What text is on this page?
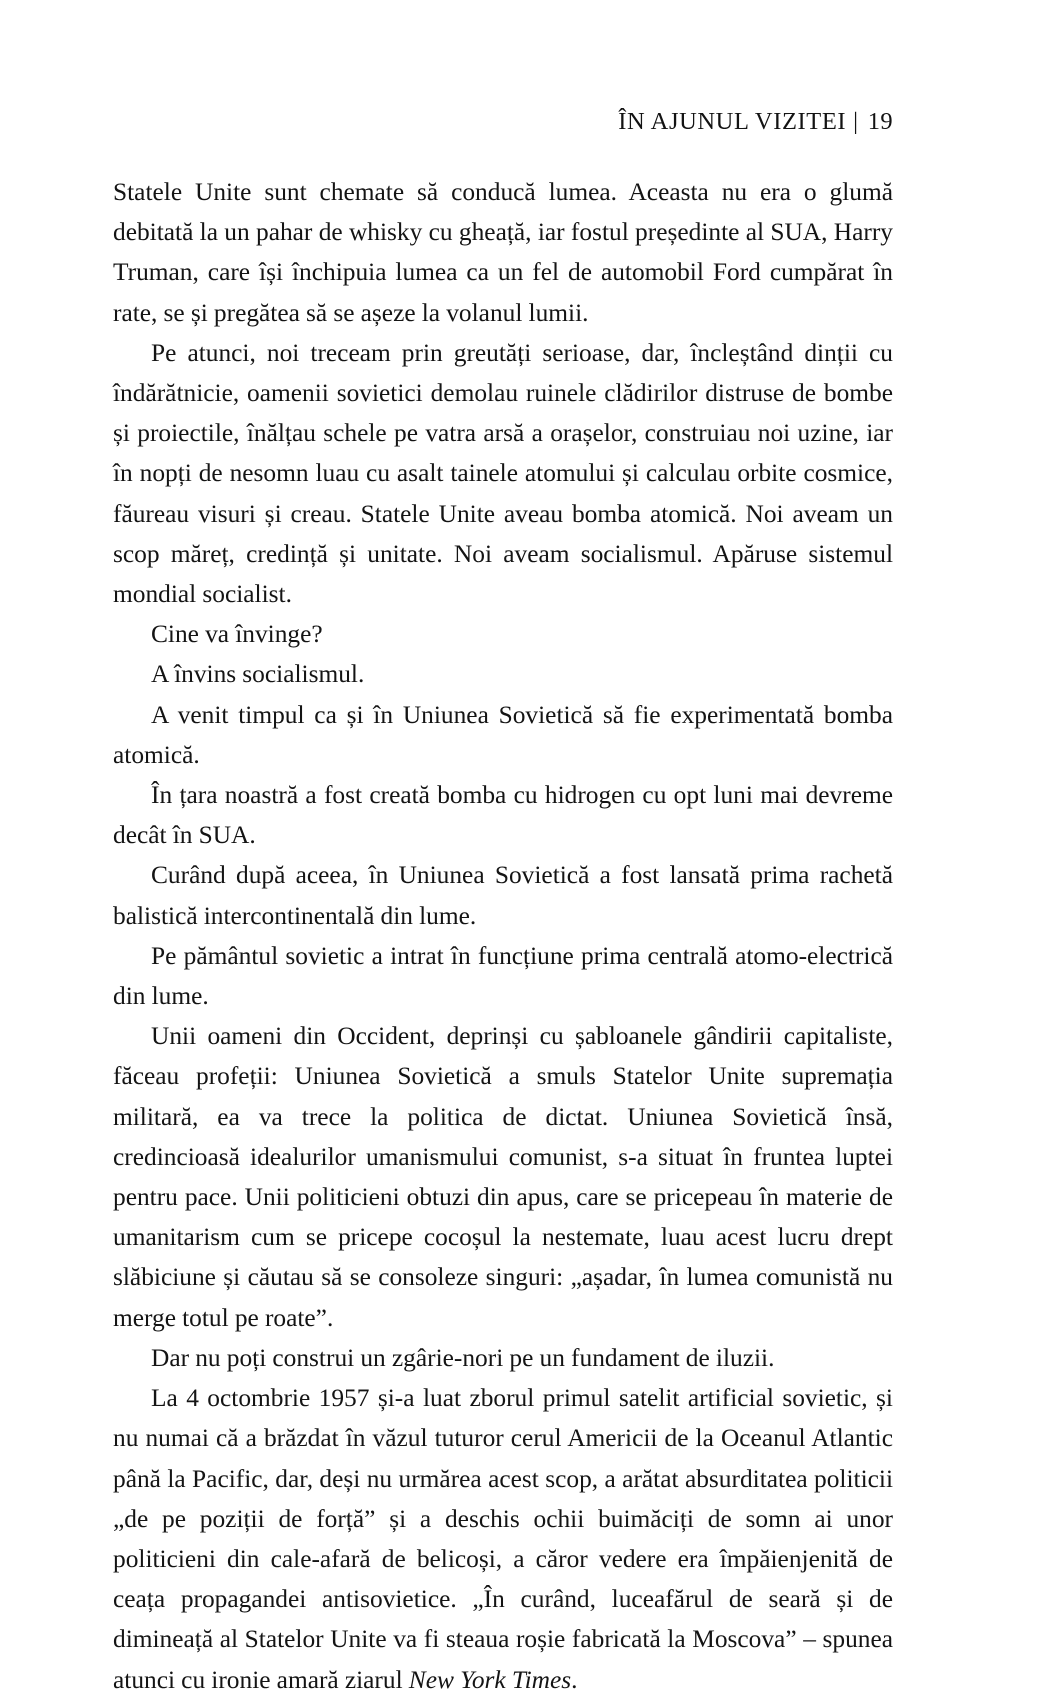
ÎN AJUNUL VIZITEI | 19

Statele Unite sunt chemate să conducă lumea. Aceasta nu era o glumă debitată la un pahar de whisky cu gheață, iar fostul președinte al SUA, Harry Truman, care își închipuia lumea ca un fel de automobil Ford cumpărat în rate, se și pregătea să se așeze la volanul lumii.

Pe atunci, noi treceam prin greutăți serioase, dar, încleștând dinții cu îndărătnicie, oamenii sovietici demolau ruinele clădirilor distruse de bombe și proiectile, înălțau schele pe vatra arsă a orașelor, construiau noi uzine, iar în nopți de nesomn luau cu asalt tainele atomului și calculau orbite cosmice, făureau visuri și creau. Statele Unite aveau bomba atomică. Noi aveam un scop măreț, credință și unitate. Noi aveam socialismul. Apăruse sistemul mondial socialist.

Cine va învinge?

A învins socialismul.

A venit timpul ca și în Uniunea Sovietică să fie experimentată bomba atomică.

În țara noastră a fost creată bomba cu hidrogen cu opt luni mai devreme decât în SUA.

Curând după aceea, în Uniunea Sovietică a fost lansată prima rachetă balistică intercontinentală din lume.

Pe pământul sovietic a intrat în funcțiune prima centrală atomo-electrică din lume.

Unii oameni din Occident, deprinși cu șabloanele gândirii capitaliste, făceau profeții: Uniunea Sovietică a smuls Statelor Unite supremația militară, ea va trece la politica de dictat. Uniunea Sovietică însă, credincioasă idealurilor umanismului comunist, s-a situat în fruntea luptei pentru pace. Unii politicieni obtuzi din apus, care se pricepeau în materie de umanitarism cum se pricepe cocoșul la nestemate, luau acest lucru drept slăbiciune și căutau să se consoleze singuri: „așadar, în lumea comunistă nu merge totul pe roate”.

Dar nu poți construi un zgârie-nori pe un fundament de iluzii.

La 4 octombrie 1957 și-a luat zborul primul satelit artificial sovietic, și nu numai că a brăzdat în văzul tuturor cerul Americii de la Oceanul Atlantic până la Pacific, dar, deși nu urmărea acest scop, a arătat absurditatea politicii „de pe poziții de forță” și a deschis ochii buimăciți de somn ai unor politicieni din cale-afară de belicoși, a căror vedere era împăienjenită de ceața propagandei antisovietice. „În curând, luceafărul de seară și de dimineață al Statelor Unite va fi steaua roșie fabricată la Moscova” – spunea atunci cu ironie amară ziarul New York Times.
